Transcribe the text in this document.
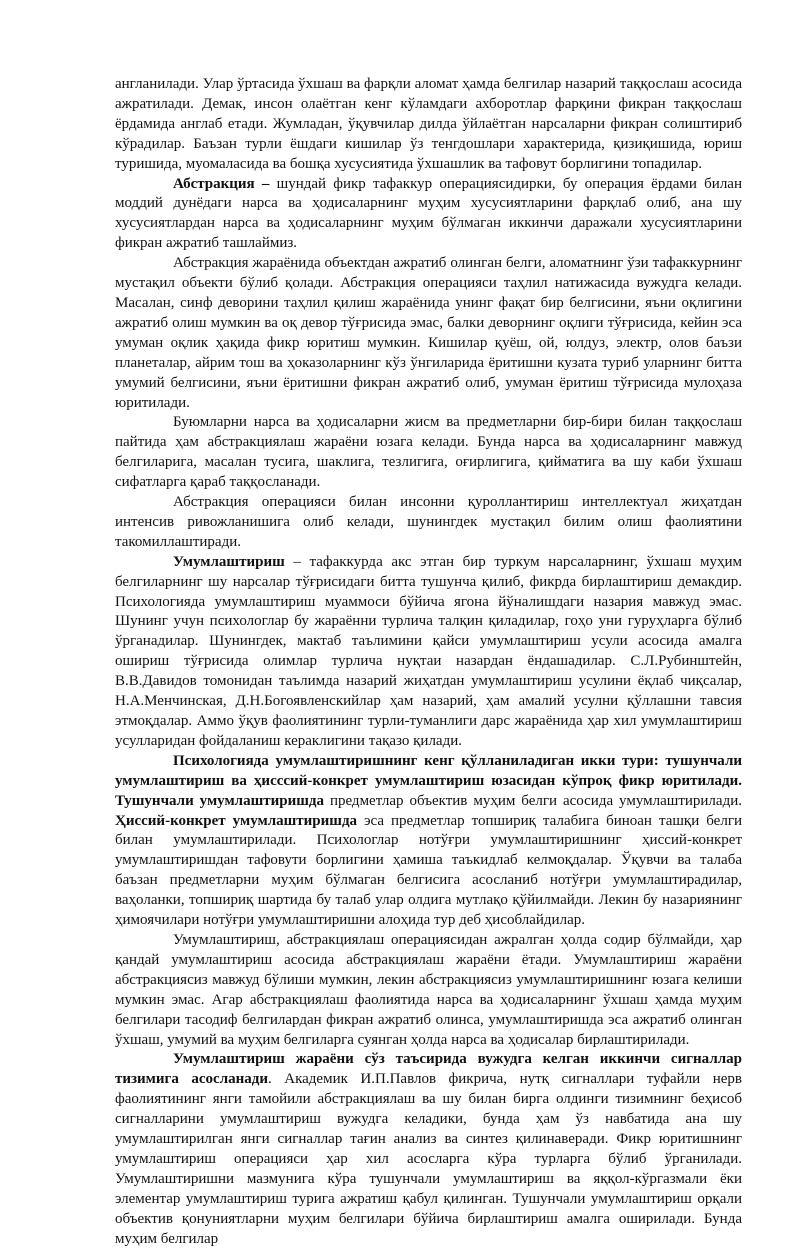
англанилади. Улар ўртасида ўхшаш ва фарқли аломат ҳамда белгилар назарий таққослаш асосида ажратилади. Демак, инсон олаётган кенг кўламдаги ахборотлар фарқини фикран таққослаш ёрдамида англаб етади. Жумладан, ўқувчилар дилда ўйлаётган нарсаларни фикран солиштириб кўрадилар. Баъзан турли ёшдаги кишилар ўз тенгдошлари характерида, қизиқишида, юриш туришида, муомаласида ва бошқа хусусиятида ўхшашлик ва тафовут борлигини топадилар.

Абстракция – шундай фикр тафаккур операциясидирки, бу операция ёрдами билан моддий дунёдаги нарса ва ҳодисаларнинг муҳим хусусиятларини фарқлаб олиб, ана шу хусусиятлардан нарса ва ҳодисаларнинг муҳим бўлмаган иккинчи даражали хусусиятларини фикран ажратиб ташлаймиз.

Абстракция жараёнида объектдан ажратиб олинган белги, аломатнинг ўзи тафаккурнинг мустақил объекти бўлиб қолади. Абстракция операцияси таҳлил натижасида вужудга келади. Масалан, синф деворини таҳлил қилиш жараёнида унинг фақат бир белгисини, яъни оқлигини ажратиб олиш мумкин ва оқ девор тўғрисида эмас, балки деворнинг оқлиги тўғрисида, кейин эса умуман оқлик ҳақида фикр юритиш мумкин. Кишилар қуёш, ой, юлдуз, электр, олов баъзи планеталар, айрим тош ва ҳоказоларнинг кўз ўнгиларида ёритишни кузата туриб уларнинг битта умумий белгисини, яъни ёритишни фикран ажратиб олиб, умуман ёритиш тўғрисида мулоҳаза юритилади.

Буюмларни нарса ва ҳодисаларни жисм ва предметларни бир-бири билан таққослаш пайтида ҳам абстракциялаш жараёни юзага келади. Бунда нарса ва ҳодисаларнинг мавжуд белгиларига, масалан тусига, шаклига, тезлигига, оғирлигига, қийматига ва шу каби ўхшаш сифатларга қараб таққосланади.

Абстракция операцияси билан инсонни қуроллантириш интеллектуал жиҳатдан интенсив ривожланишига олиб келади, шунингдек мустақил билим олиш фаолиятини такомиллаштиради.

Умумлаштириш – тафаккурда акс этган бир туркум нарсаларнинг, ўхшаш муҳим белгиларнинг шу нарсалар тўғрисидаги битта тушунча қилиб, фикрда бирлаштириш демакдир. Психологияда умумлаштириш муаммоси бўйича ягона йўналишдаги назария мавжуд эмас. Шунинг учун психологлар бу жараённи турлича талқин қиладилар, гоҳо уни гуруҳларга бўлиб ўрганадилар. Шунингдек, мактаб таълимини қайси умумлаштириш усули асосида амалга ошириш тўғрисида олимлар турлича нуқтаи назардан ёндашадилар. С.Л.Рубинштейн, В.В.Давидов томонидан таълимда назарий жиҳатдан умумлаштириш усулини ёқлаб чиқсалар, Н.А.Менчинская, Д.Н.Богоявленскийлар ҳам назарий, ҳам амалий усулни қўллашни тавсия этмоқдалар. Аммо ўқув фаолиятининг турли-туманлиги дарс жараёнида ҳар хил умумлаштириш усулларидан фойдаланиш кераклигини тақазо қилади.

Психологияда умумлаштиришнинг кенг қўлланиладиган икки тури: тушунчали умумлаштириш ва ҳисссий-конкрет умумлаштириш юзасидан кўпроқ фикр юритилади. Тушунчали умумлаштиришда предметлар объектив муҳим белги асосида умумлаштирилади. Ҳиссий-конкрет умумлаштиришда эса предметлар топшириқ талабига биноан ташқи белги билан умумлаштирилади. Психологлар нотўғри умумлаштиришнинг ҳиссий-конкрет умумлаштиришдан тафовути борлигини ҳамиша таъкидлаб келмоқдалар. Ўқувчи ва талаба баъзан предметларни муҳим бўлмаган белгисига асосланиб нотўғри умумлаштирадилар, ваҳоланки, топшириқ шартида бу талаб улар олдига мутлақо қўйилмайди. Лекин бу назариянинг ҳимоячилари нотўғри умумлаштиришни алоҳида тур деб ҳисоблайдилар.

Умумлаштириш, абстракциялаш операциясидан ажралган ҳолда содир бўлмайди, ҳар қандай умумлаштириш асосида абстракциялаш жараёни ётади. Умумлаштириш жараёни абстракциясиз мавжуд бўлиши мумкин, лекин абстракциясиз умумлаштиришнинг юзага келиши мумкин эмас. Агар абстракциялаш фаолиятида нарса ва ҳодисаларнинг ўхшаш ҳамда муҳим белгилари тасодиф белгилардан фикран ажратиб олинса, умумлаштиришда эса ажратиб олинган ўхшаш, умумий ва муҳим белгиларга суянган ҳолда нарса ва ҳодисалар бирлаштирилади.

Умумлаштириш жараёни сўз таъсирида вужудга келган иккинчи сигналлар тизимига асосланади. Академик И.П.Павлов фикрича, нутқ сигналлари туфайли нерв фаолиятининг янги тамойили абстракциялаш ва шу билан бирга олдинги тизимнинг беҳисоб сигналларини умумлаштириш вужудга келадики, бунда ҳам ўз навбатида ана шу умумлаштирилган янги сигналлар тағин анализ ва синтез қилинаверади. Фикр юритишнинг умумлаштириш операцияси ҳар хил асосларга кўра турларга бўлиб ўрганилади. Умумлаштиришни мазмунига кўра тушунчали умумлаштириш ва яққол-кўргазмали ёки элементар умумлаштириш турига ажратиш қабул қилинган. Тушунчали умумлаштириш орқали объектив қонуниятларни муҳим белгилари бўйича бирлаштириш амалга оширилади. Бунда муҳим белгилар
